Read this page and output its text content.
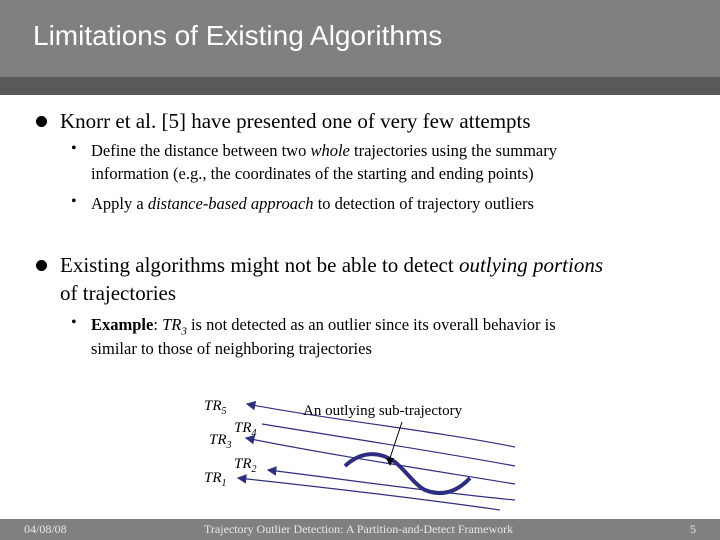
Limitations of Existing Algorithms
Knorr et al. [5] have presented one of very few attempts
• Define the distance between two whole trajectories using the summary
information (e.g., the coordinates of the starting and ending points)
• Apply a distance-based approach to detection of trajectory outliers
Existing algorithms might not be able to detect outlying portions
of trajectories
• Example: $TR_3$ is not detected as an outlier since its overall behavior is
similar to those of neighboring trajectories
$TR_5$
$TR_4$
$TR_3$
$TR_2$
$TR_1$
An outlying sub-trajectory
04/08/08	Trajectory Outlier Detection: A Partition-and-Detect Framework	5
